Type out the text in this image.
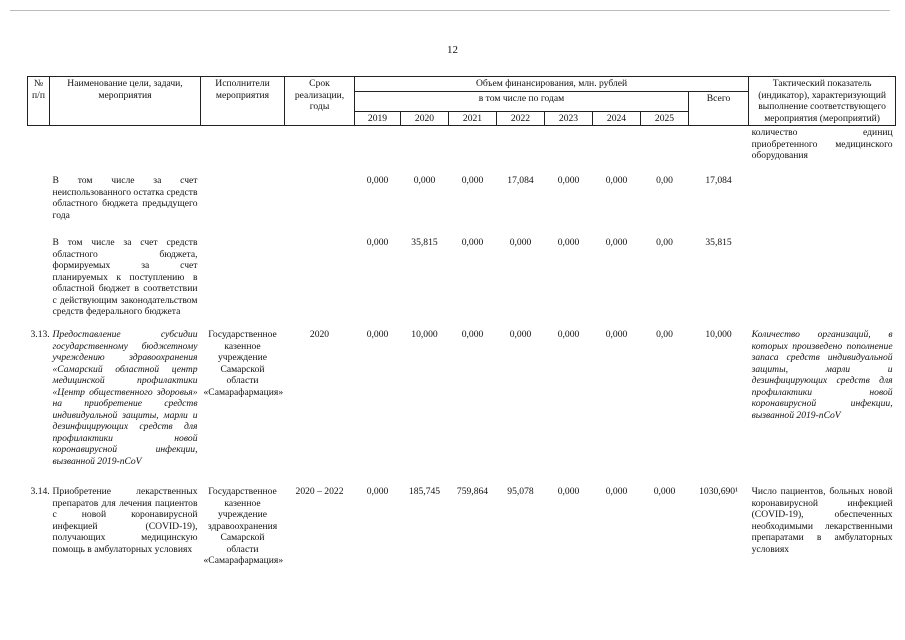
12
№ п/п	Наименование цели, задачи, мероприятия	Исполнители мероприятия	Срок реализации, годы	Объем финансирования, млн. рублей								Тактический показатель (индикатор), характеризующий выполнение соответствующего мероприятия (мероприятий)
				в том числе по годам							Всего	
				2019	2020	2021	2022	2023	2024	2025		
												количество единиц приобретенного медицинского оборудования
	В том числе за счет неиспользованного остатка средств областного бюджета предыдущего года			0,000	0,000	0,000	17,084	0,000	0,000	0,00	17,084	
	В том числе за счет средств областного бюджета, формируемых за счет планируемых к поступлению в областной бюджет в соответствии с действующим законодательством средств федерального бюджета			0,000	35,815	0,000	0,000	0,000	0,000	0,00	35,815	
3.13.	Предоставление субсидии государственному бюджетному учреждению здравоохранения «Самарский областной центр медицинской профилактики «Центр общественного здоровья» на приобретение средств индивидуальной защиты, марли и дезинфицирующих средств для профилактики новой коронавирусной инфекции, вызванной 2019-nCoV	Государственное казенное учреждение Самарской области «Самарафармация»	2020	0,000	10,000	0,000	0,000	0,000	0,000	0,00	10,000	Количество организаций, в которых произведено пополнение запаса средств индивидуальной защиты, марли и дезинфицирующих средств для профилактики новой коронавирусной инфекции, вызванной 2019-nCoV
3.14.	Приобретение лекарственных препаратов для лечения пациентов с новой коронавирусной инфекцией (COVID-19), получающих медицинскую помощь в амбулаторных условиях	Государственное казенное учреждение здравоохранения Самарской области «Самарафармация»	2020 – 2022	0,000	185,745	759,864	95,078	0,000	0,000	0,000	1030,690¹	Число пациентов, больных новой коронавирусной инфекцией (COVID-19), обеспеченных необходимыми лекарственными препаратами в амбулаторных условиях
